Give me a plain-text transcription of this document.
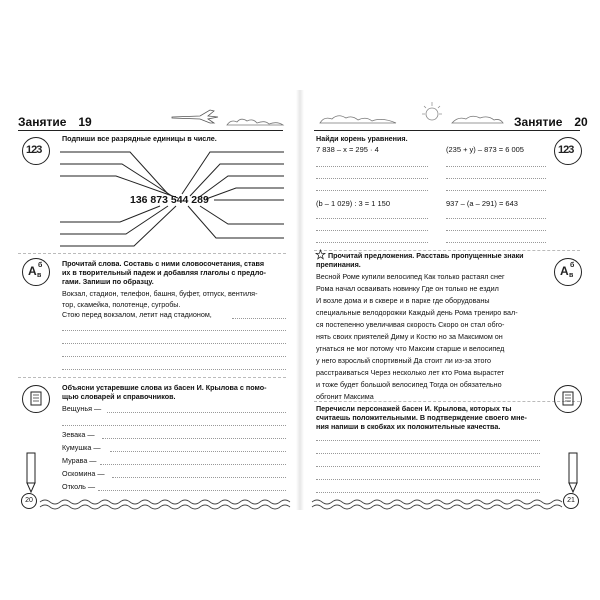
Занятие 19
123
Подпиши все разрядные единицы в числе.
136 873 544 289
А б
в
Прочитай слова. Составь с ними словосочетания, ставя
их в творительный падеж и добавляя глаголы с предло-
гами. Запиши по образцу.
Вокзал, стадион, телефон, башня, буфет, отпуск, вентиля-
тор, скамейка, полотенце, сугробы.
Стою перед вокзалом, летит над стадионом,
Объясни устаревшие слова из басен И. Крылова с помо-
щью словарей и справочников.
Вещунья —
Зевака —
Кумушка —
Мурава —
Оскомина —
Отколь —
20
Занятие 20
123
Найди корень уравнения.
7 838 – х = 295 · 4	(235 + у) – 873 = 6 005
(b – 1 029) : 3 = 1 150	937 – (а – 291) = 643
А б
в
Прочитай предложения. Расставь пропущенные знаки
препинания.
Весной Роме купили велосипед Как только растаял снег
Рома начал осваивать новинку Где он только не ездил
И возле дома и в сквере и в парке где оборудованы
специальные велодорожки Каждый день Рома трениро вал-
ся постепенно увеличивая скорость Скоро он стал обго-
нять своих приятелей Диму и Костю но за Максимом он
угнаться не мог потому что Максим старше и велосипед
у него взрослый спортивный Да стоит ли из-за этого
расстраиваться Через несколько лет кто Рома вырастет
и тоже будет большой велосипед Тогда он обязательно
обгонит Максима
Перечисли персонажей басен И. Крылова, которых ты
считаешь положительными. В подтверждение своего мне-
ния напиши в скобках их положительные качества.
21
